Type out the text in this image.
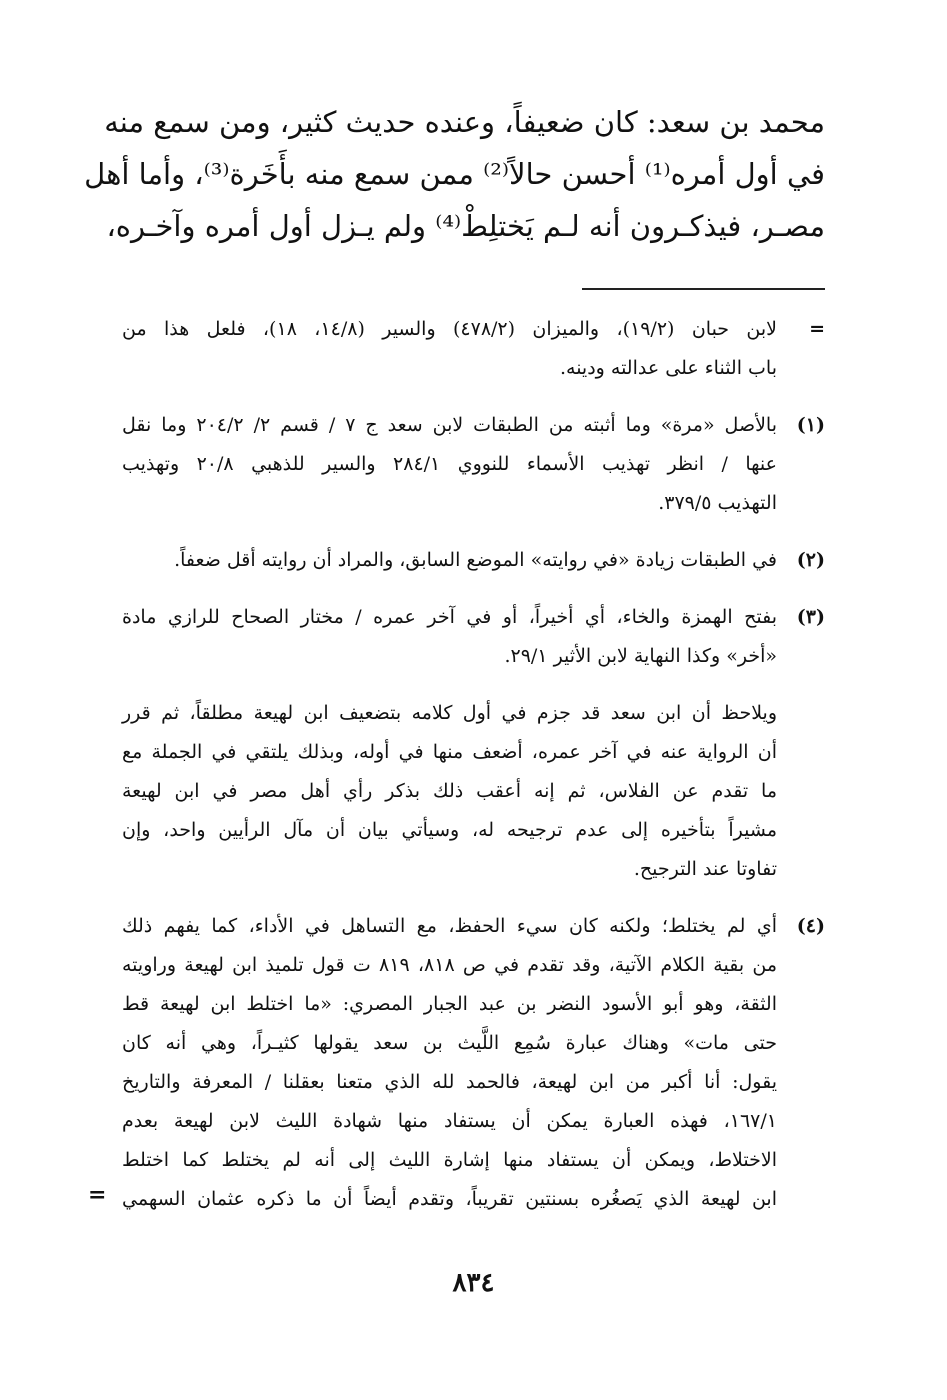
محمد بن سعد: كان ضعيفاً، وعنده حديث كثير، ومن سمع منه
في أول أمره⁽¹⁾ أحسن حالاً⁽²⁾ ممن سمع منه بأَخَرة⁽³⁾، وأما أهل
مصـر، فيذكـرون أنه لـم يَختلِطْ⁽⁴⁾ ولم يـزل أول أمره وآخـره،
=
لابن حبان (١٩/٢)، والميزان (٤٧٨/٢) والسير (١٤/٨، ١٨)، فلعل هذا من
باب الثناء على عدالته ودينه.
(١)
بالأصل «مرة» وما أثبته من الطبقات لابن سعد ج ٧ / قسم ٢/ ٢٠٤/٢ وما نقل
عنها / انظر تهذيب الأسماء للنووي ٢٨٤/١ والسير للذهبي ٢٠/٨ وتهذيب
التهذيب ٣٧٩/٥.
(٢)
في الطبقات زيادة «في روايته» الموضع السابق، والمراد أن روايته أقل ضعفاً.
(٣)
بفتح الهمزة والخاء، أي أخيراً، أو في آخر عمره / مختار الصحاح للرازي مادة
«أخر» وكذا النهاية لابن الأثير ٢٩/١.
ويلاحظ أن ابن سعد قد جزم في أول كلامه بتضعيف ابن لهيعة مطلقاً، ثم قرر
أن الرواية عنه في آخر عمره، أضعف منها في أوله، وبذلك يلتقي في الجملة مع
ما تقدم عن الفلاس، ثم إنه أعقب ذلك بذكر رأي أهل مصر في ابن لهيعة
مشيراً بتأخيره إلى عدم ترجيحه له، وسيأتي بيان أن مآل الرأيين واحد، وإن
تفاوتا عند الترجيح.
(٤)
أي لم يختلط؛ ولكنه كان سيء الحفظ، مع التساهل في الأداء، كما يفهم ذلك
من بقية الكلام الآتية، وقد تقدم في ص ٨١٨، ٨١٩ ت قول تلميذ ابن لهيعة وراويته
الثقة، وهو أبو الأسود النضر بن عبد الجبار المصري: «ما اختلط ابن لهيعة قط
حتى مات» وهناك عبارة سُمِع اللَّيث بن سعد يقولها كثيـراً، وهي أنه كان
يقول: أنا أكبر من ابن لهيعة، فالحمد لله الذي متعنا بعقلنا / المعرفة والتاريخ
١٦٧/١، فهذه العبارة يمكن أن يستفاد منها شهادة الليث لابن لهيعة بعدم
الاختلاط، ويمكن أن يستفاد منها إشارة الليث إلى أنه لم يختلط كما اختلط
ابن لهيعة الذي يَصغُره بسنتين تقريباً، وتقدم أيضاً أن ما ذكره عثمان السهمي
=
٨٣٤
